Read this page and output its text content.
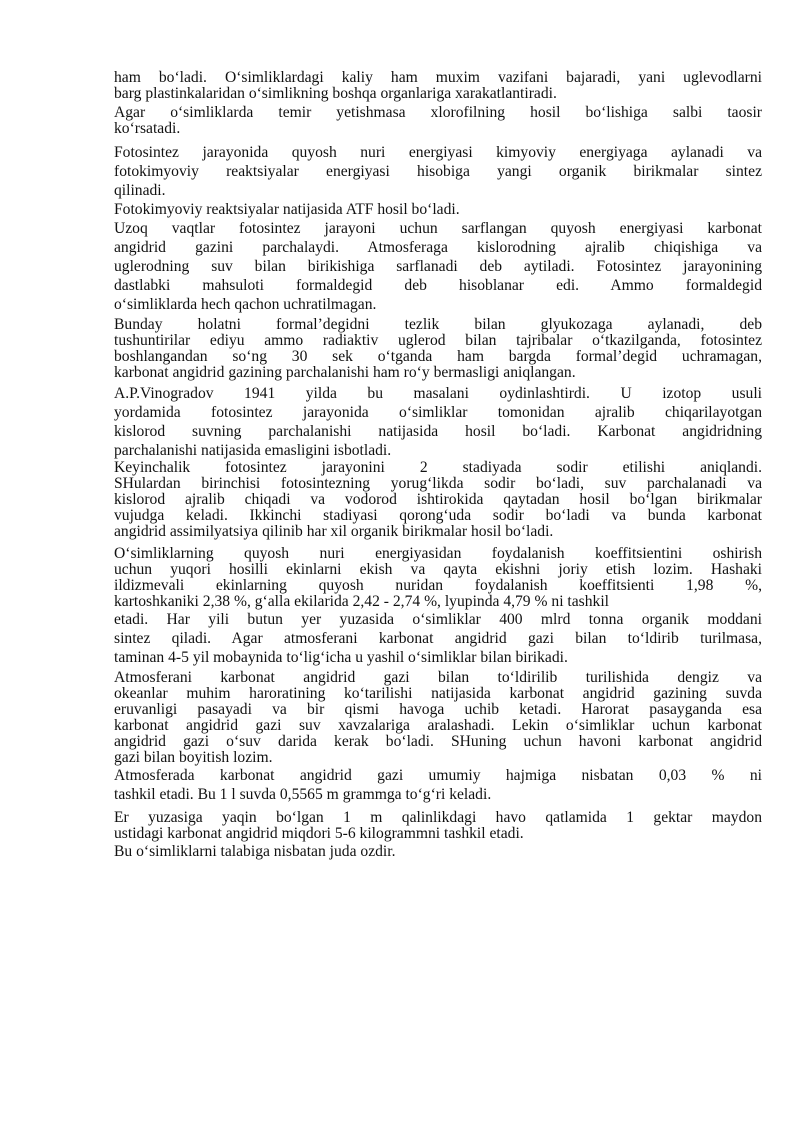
ham boʻladi. Oʻsimliklardagi kaliy ham muxim vazifani bajaradi, yani uglevodlarni
barg plastinkalaridan oʻsimlikning boshqa organlariga xarakatlantiradi.
Agar oʻsimliklarda temir yetishmasa xlorofilning hosil boʻlishiga salbi taosir
koʻrsatadi.
Fotosintez jarayonida quyosh nuri energiyasi kimyoviy energiyaga aylanadi va
fotokimyoviy reaktsiyalar energiyasi hisobiga yangi organik birikmalar sintez
qilinadi.
Fotokimyoviy reaktsiyalar natijasida ATF hosil boʻladi.
Uzoq vaqtlar fotosintez jarayoni uchun sarflangan quyosh energiyasi karbonat
angidrid gazini parchalaydi. Atmosferaga kislorodning ajralib chiqishiga va
uglerodning suv bilan birikishiga sarflanadi deb aytiladi. Fotosintez jarayonining
dastlabki mahsuloti formaldegid deb hisoblanar edi. Ammo formaldegid
oʻsimliklarda hech qachon uchratilmagan.
Bunday holatni formalʼdegidni tezlik bilan glyukozaga aylanadi, deb
tushuntirilar ediyu ammo radiaktiv uglerod bilan tajribalar oʻtkazilganda, fotosintez
boshlangandan soʻng 30 sek oʻtganda ham bargda formalʼdegid uchramagan,
karbonat angidrid gazining parchalanishi ham roʻy bermasligi aniqlangan.
A.P.Vinogradov 1941 yilda bu masalani oydinlashtirdi. U izotop usuli
yordamida fotosintez jarayonida oʻsimliklar tomonidan ajralib chiqarilayotgan
kislorod suvning parchalanishi natijasida hosil boʻladi. Karbonat angidridning
parchalanishi natijasida emasligini isbotladi.
Keyinchalik fotosintez jarayonini 2 stadiyada sodir etilishi aniqlandi.
SHulardan birinchisi fotosintezning yorugʻlikda sodir boʻladi, suv parchalanadi va
kislorod ajralib chiqadi va vodorod ishtirokida qaytadan hosil boʻlgan birikmalar
vujudga keladi. Ikkinchi stadiyasi qorongʻuda sodir boʻladi va bunda karbonat
angidrid assimilyatsiya qilinib har xil organik birikmalar hosil boʻladi.
Oʻsimliklarning quyosh nuri energiyasidan foydalanish koeffitsientini oshirish
uchun yuqori hosilli ekinlarni ekish va qayta ekishni joriy etish lozim. Hashaki
ildizmevali ekinlarning quyosh nuridan foydalanish koeffitsienti 1,98 %,
kartoshkaniki 2,38 %, gʻalla ekilarida 2,42 - 2,74 %, lyupinda 4,79 % ni tashkil
etadi. Har yili butun yer yuzasida oʻsimliklar 400 mlrd tonna organik moddani
sintez qiladi. Agar atmosferani karbonat angidrid gazi bilan toʻldirib turilmasa,
taminan 4-5 yil mobaynida toʻligʻicha u yashil oʻsimliklar bilan birikadi.
Atmosferani karbonat angidrid gazi bilan toʻldirilib turilishida dengiz va
okeanlar muhim haroratining koʻtarilishi natijasida karbonat angidrid gazining suvda
eruvanligi pasayadi va bir qismi havoga uchib ketadi. Harorat pasayganda esa
karbonat angidrid gazi suv xavzalariga aralashadi. Lekin oʻsimliklar uchun karbonat
angidrid gazi oʻsuv darida kerak boʻladi. SHuning uchun havoni karbonat angidrid
gazi bilan boyitish lozim.
Atmosferada karbonat angidrid gazi umumiy hajmiga nisbatan 0,03 % ni
tashkil etadi. Bu 1 l suvda 0,5565 m grammga toʻgʻri keladi.
Er yuzasiga yaqin boʻlgan 1 m qalinlikdagi havo qatlamida 1 gektar maydon
ustidagi karbonat angidrid miqdori 5-6 kilogrammni tashkil etadi.
Bu oʻsimliklarni talabiga nisbatan juda ozdir.
